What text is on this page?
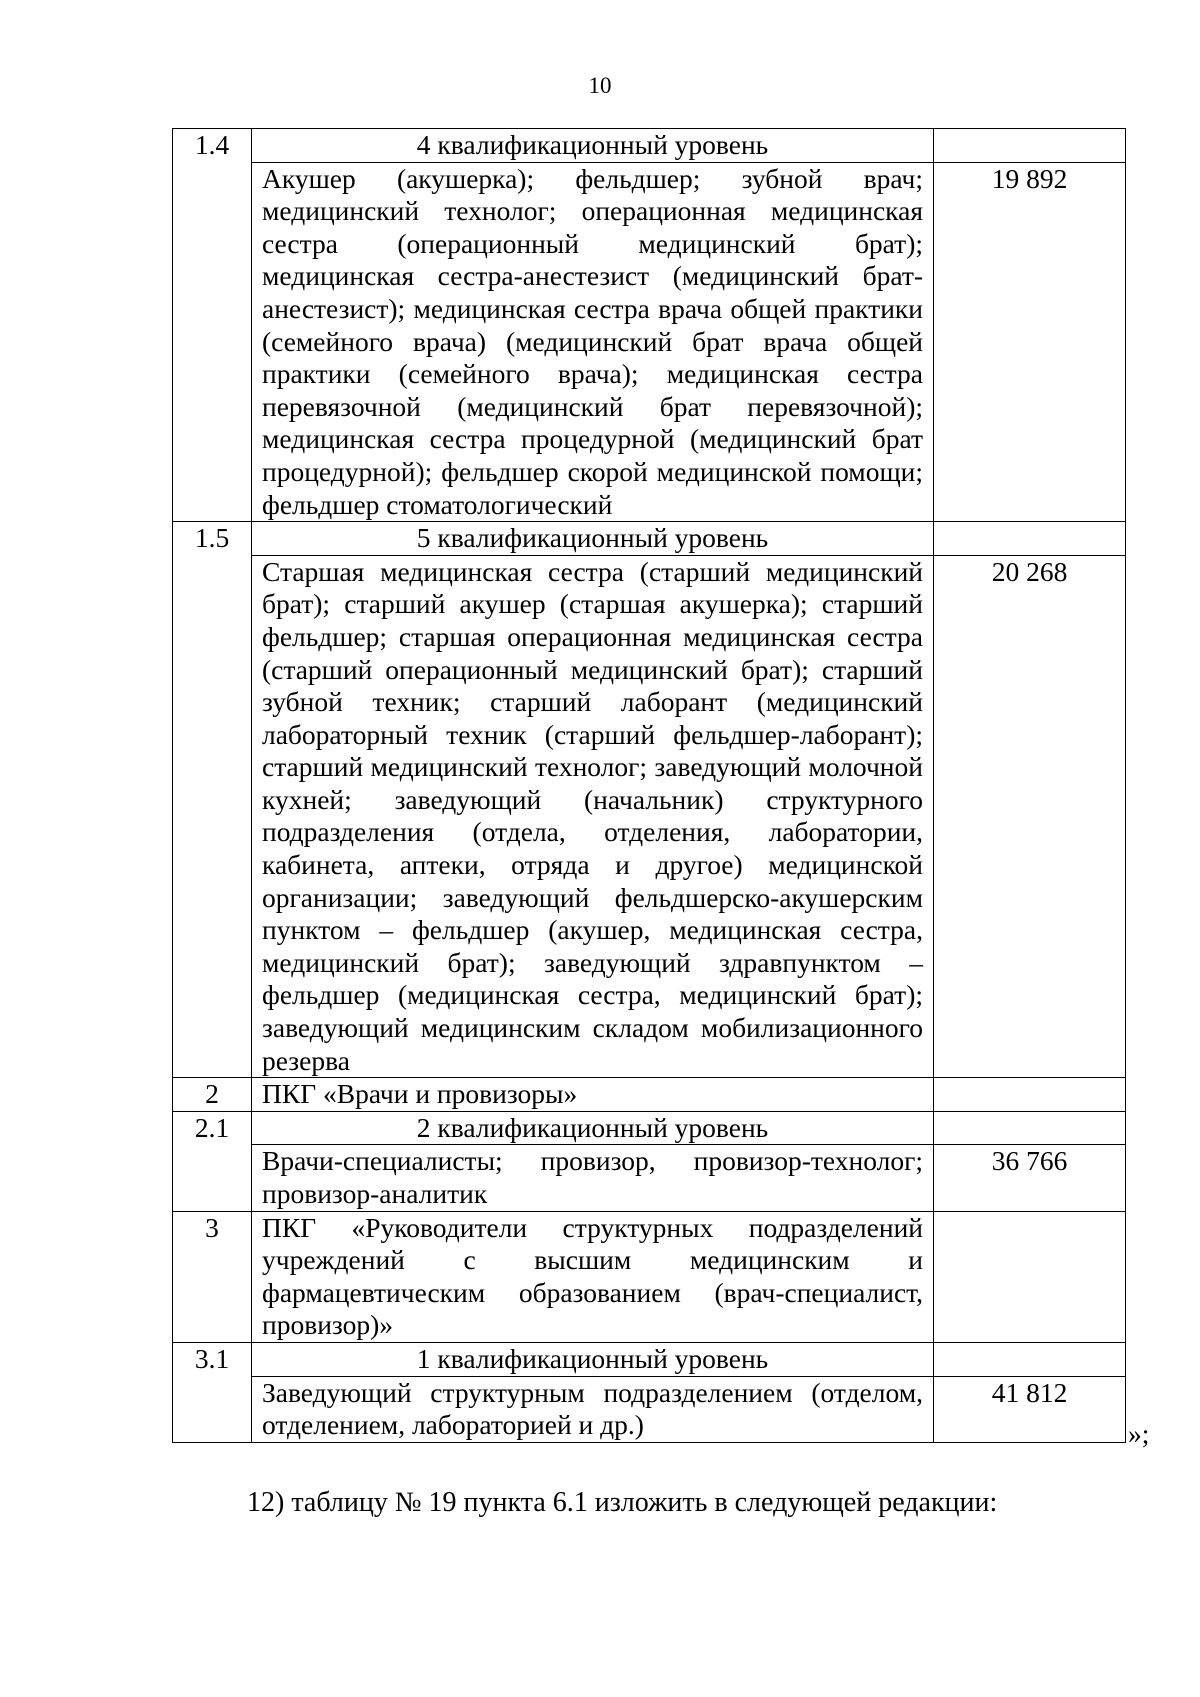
10
1.4	4 квалификационный уровень	
	Акушер (акушерка); фельдшер; зубной врач; медицинский технолог; операционная медицинская сестра (операционный медицинский брат); медицинская сестра-анестезист (медицинский брат-анестезист); медицинская сестра врача общей практики (семейного врача) (медицинский брат врача общей практики (семейного врача); медицинская сестра перевязочной (медицинский брат перевязочной); медицинская сестра процедурной (медицинский брат процедурной); фельдшер скорой медицинской помощи; фельдшер стоматологический	19 892
1.5	5 квалификационный уровень	
	Старшая медицинская сестра (старший медицинский брат); старший акушер (старшая акушерка); старший фельдшер; старшая операционная медицинская сестра (старший операционный медицинский брат); старший зубной техник; старший лаборант (медицинский лабораторный техник (старший фельдшер-лаборант); старший медицинский технолог; заведующий молочной кухней; заведующий (начальник) структурного подразделения (отдела, отделения, лаборатории, кабинета, аптеки, отряда и другое) медицинской организации; заведующий фельдшерско-акушерским пунктом – фельдшер (акушер, медицинская сестра, медицинский брат); заведующий здравпунктом – фельдшер (медицинская сестра, медицинский брат); заведующий медицинским складом мобилизационного резерва	20 268
2	ПКГ «Врачи и провизоры»	
2.1	2 квалификационный уровень	
	Врачи-специалисты; провизор, провизор-технолог; провизор-аналитик	36 766
3	ПКГ «Руководители структурных подразделений учреждений с высшим медицинским и фармацевтическим образованием (врач-специалист, провизор)»	
3.1	1 квалификационный уровень	
	Заведующий структурным подразделением (отделом, отделением, лабораторией и др.)	41 812
»;
12) таблицу № 19 пункта 6.1 изложить в следующей редакции:
